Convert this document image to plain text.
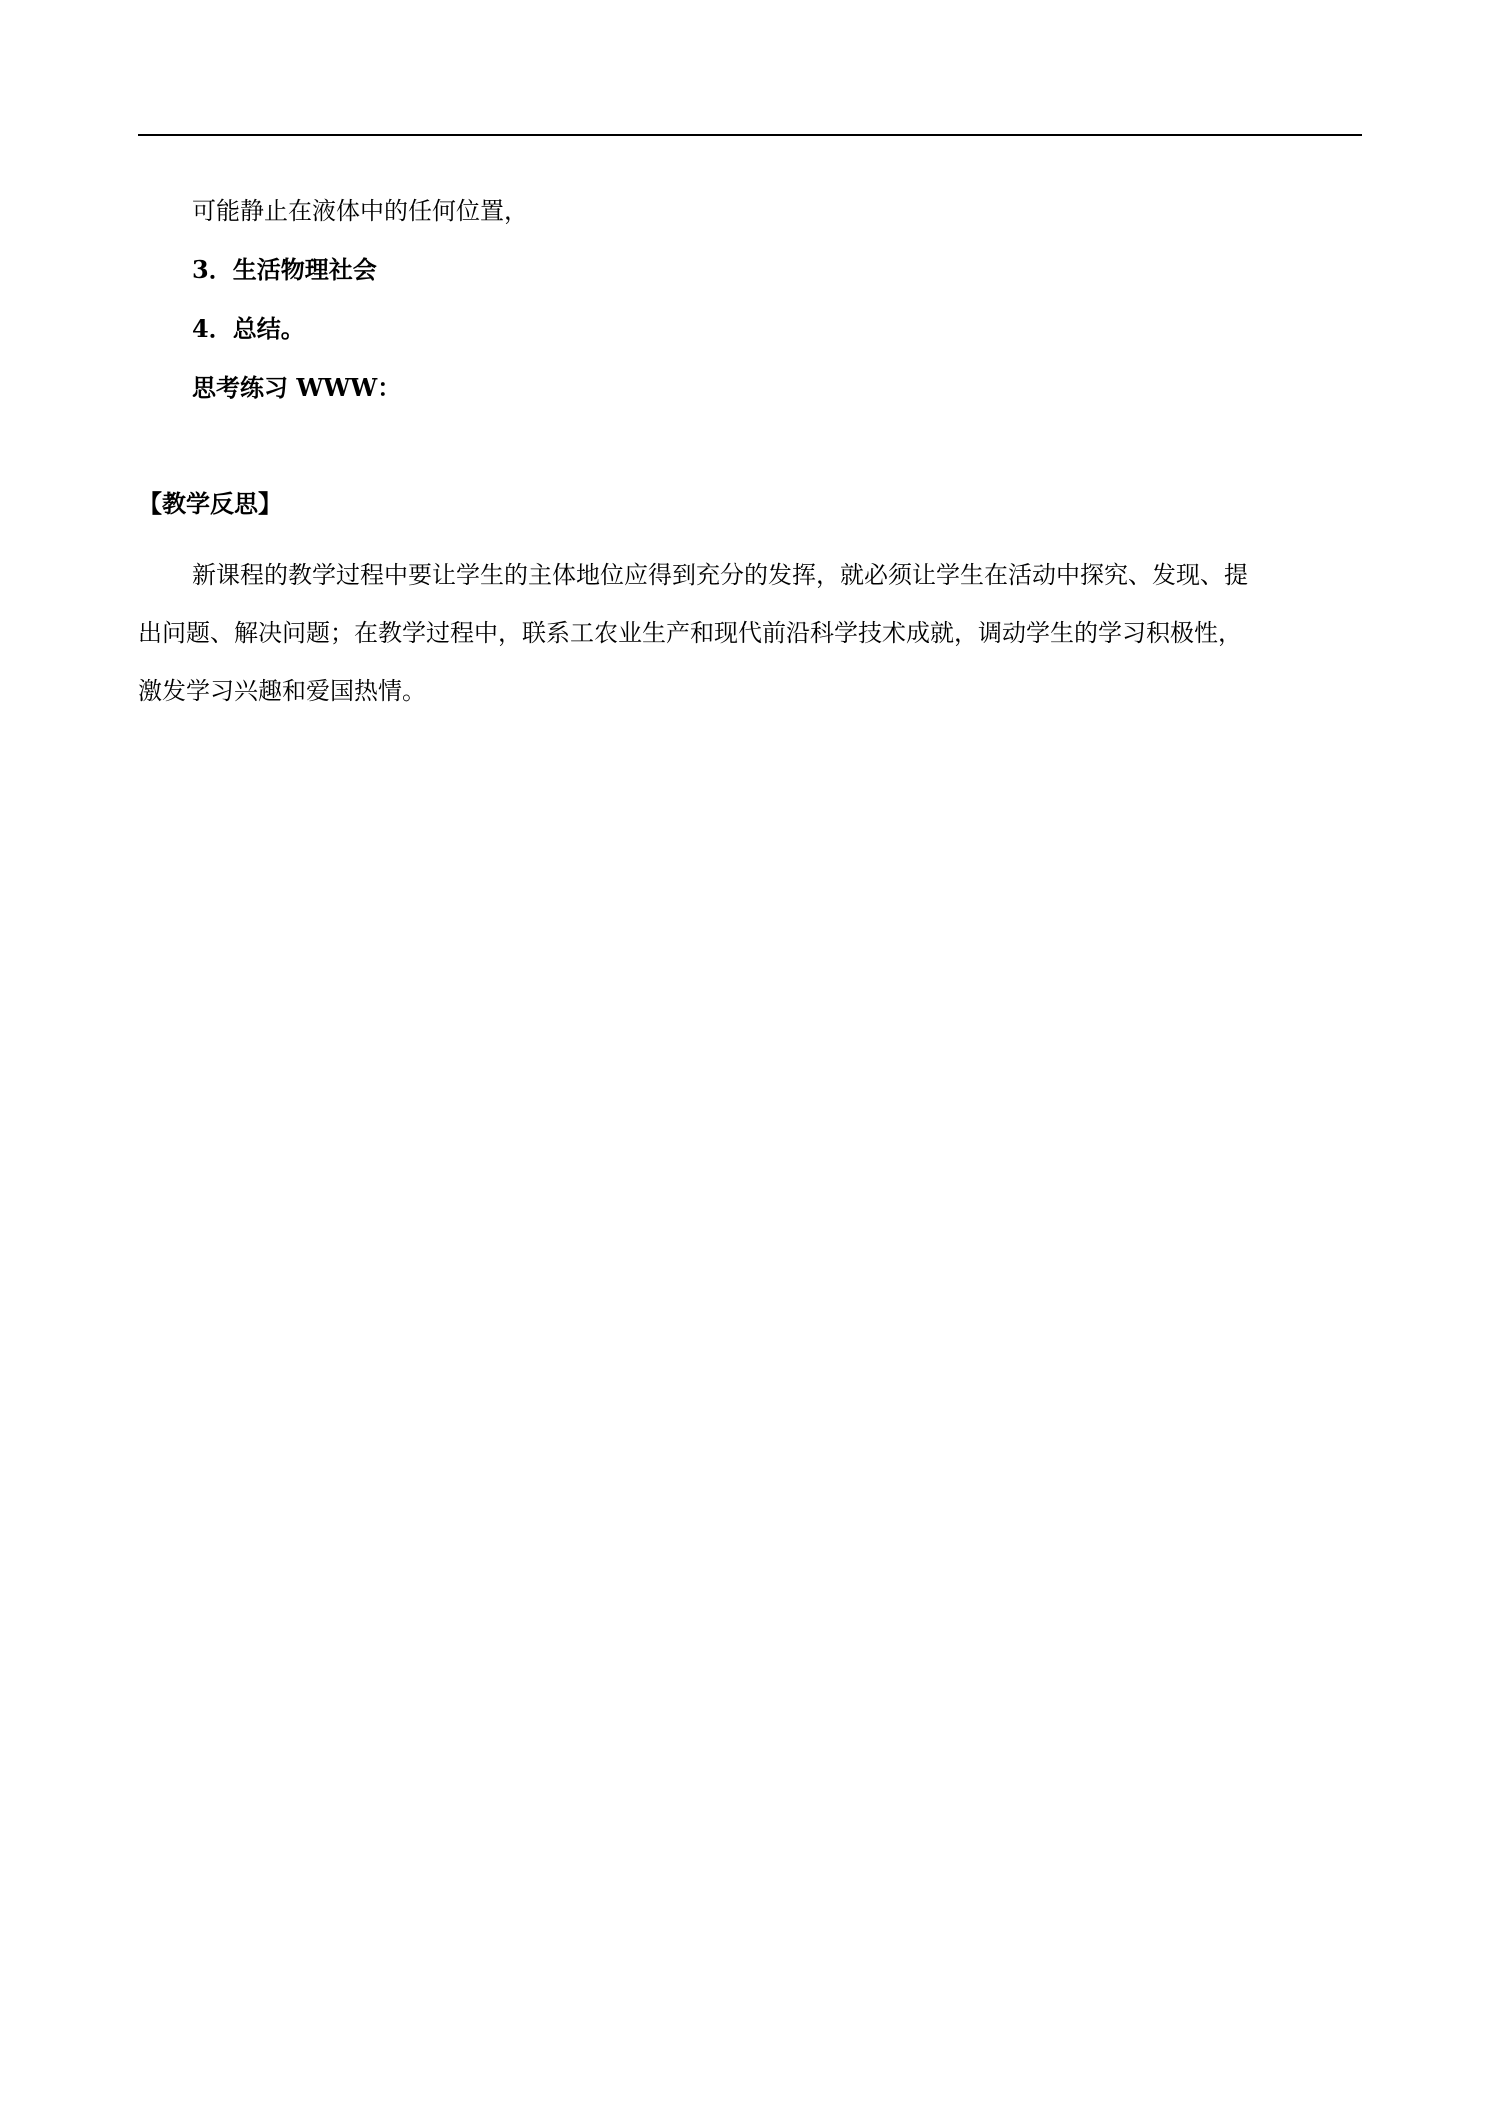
可能静止在液体中的任何位置，
3．生活物理社会
4．总结。
思考练习 WWW：
【教学反思】
新课程的教学过程中要让学生的主体地位应得到充分的发挥，就必须让学生在活动中探究、发现、提
出问题、解决问题；在教学过程中，联系工农业生产和现代前沿科学技术成就，调动学生的学习积极性，
激发学习兴趣和爱国热情。
